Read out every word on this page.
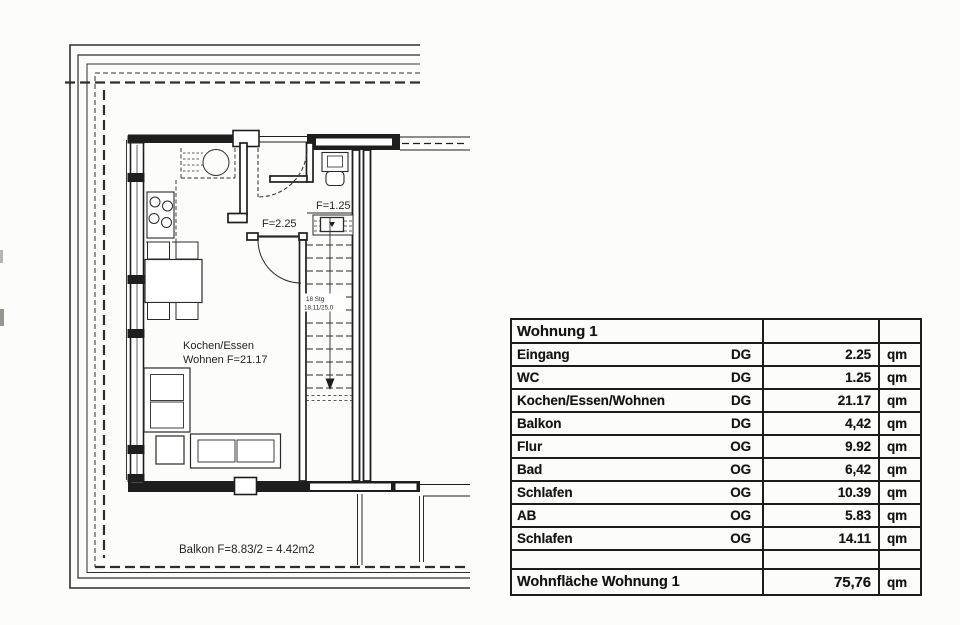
Kochen/Essen
Wohnen F=21.17
F=2.25
F=1.25
Balkon F=8.83/2 = 4.42m2
18 Stg
18,11/25,0
Wohnung 1			
Eingang	DG	2.25	qm
WC	DG	1.25	qm
Kochen/Essen/Wohnen	DG	21.17	qm
Balkon	DG	4,42	qm
Flur	OG	9.92	qm
Bad	OG	6,42	qm
Schlafen	OG	10.39	qm
AB	OG	5.83	qm
Schlafen	OG	14.11	qm

Wohnfläche Wohnung 1		75,76	qm
